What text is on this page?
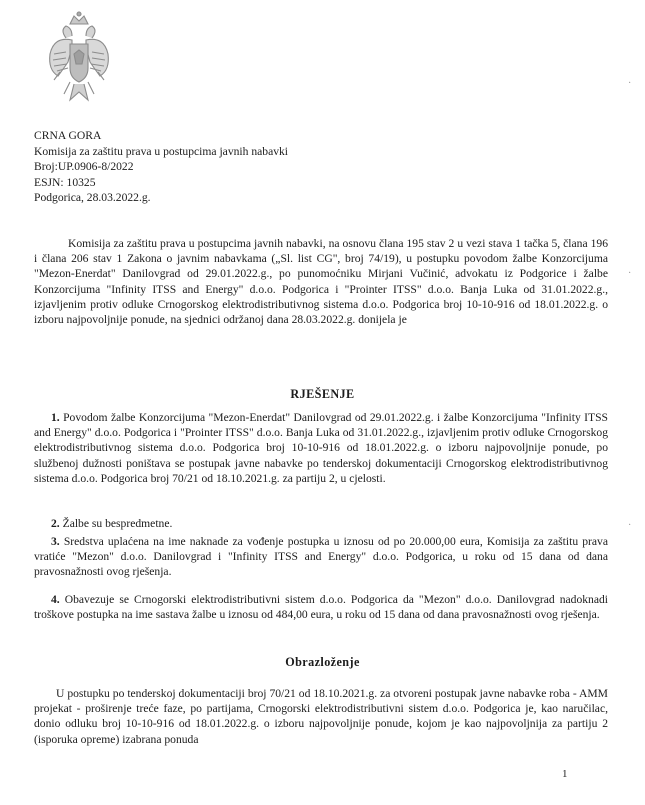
CRNA GORA
Komisija za zaštitu prava u postupcima javnih nabavki
Broj:UP.0906-8/2022
ESJN: 10325
Podgorica, 28.03.2022.g.
Komisija za zaštitu prava u postupcima javnih nabavki, na osnovu člana 195 stav 2 u vezi stava 1 tačka 5, člana 196 i člana 206 stav 1 Zakona o javnim nabavkama („Sl. list CG", broj 74/19), u postupku povodom žalbe Konzorcijuma "Mezon-Enerdat" Danilovgrad od 29.01.2022.g., po punomoćniku Mirjani Vučinić, advokatu iz Podgorice i žalbe Konzorcijuma "Infinity ITSS and Energy" d.o.o. Podgorica i "Prointer ITSS" d.o.o. Banja Luka od 31.01.2022.g., izjavljenim protiv odluke Crnogorskog elektrodistributivnog sistema d.o.o. Podgorica broj 10-10-916 od 18.01.2022.g. o izboru najpovoljnije ponude, na sjednici održanoj dana 28.03.2022.g. donijela je
RJEŠENJE
1. Povodom žalbe Konzorcijuma "Mezon-Enerdat" Danilovgrad od 29.01.2022.g. i žalbe Konzorcijuma "Infinity ITSS and Energy" d.o.o. Podgorica i "Prointer ITSS" d.o.o. Banja Luka od 31.01.2022.g., izjavljenim protiv odluke Crnogorskog elektrodistributivnog sistema d.o.o. Podgorica broj 10-10-916 od 18.01.2022.g. o izboru najpovoljnije ponude, po službenoj dužnosti poništava se postupak javne nabavke po tenderskoj dokumentaciji Crnogorskog elektrodistributivnog sistema d.o.o. Podgorica broj 70/21 od 18.10.2021.g. za partiju 2, u cjelosti.
2. Žalbe su bespredmetne.
3. Sredstva uplaćena na ime naknade za vođenje postupka u iznosu od po 20.000,00 eura, Komisija za zaštitu prava vratiće "Mezon" d.o.o. Danilovgrad i "Infinity ITSS and Energy" d.o.o. Podgorica, u roku od 15 dana od dana pravosnažnosti ovog rješenja.
4. Obavezuje se Crnogorski elektrodistributivni sistem d.o.o. Podgorica da "Mezon" d.o.o. Danilovgrad nadoknadi troškove postupka na ime sastava žalbe u iznosu od 484,00 eura, u roku od 15 dana od dana pravosnažnosti ovog rješenja.
Obrazloženje
U postupku po tenderskoj dokumentaciji broj 70/21 od 18.10.2021.g. za otvoreni postupak javne nabavke roba - AMM projekat - proširenje treće faze, po partijama, Crnogorski elektrodistributivni sistem d.o.o. Podgorica je, kao naručilac, donio odluku broj 10-10-916 od 18.01.2022.g. o izboru najpovoljnije ponude, kojom je kao najpovoljnija za partiju 2 (isporuka opreme) izabrana ponuda
1
·
·
·
